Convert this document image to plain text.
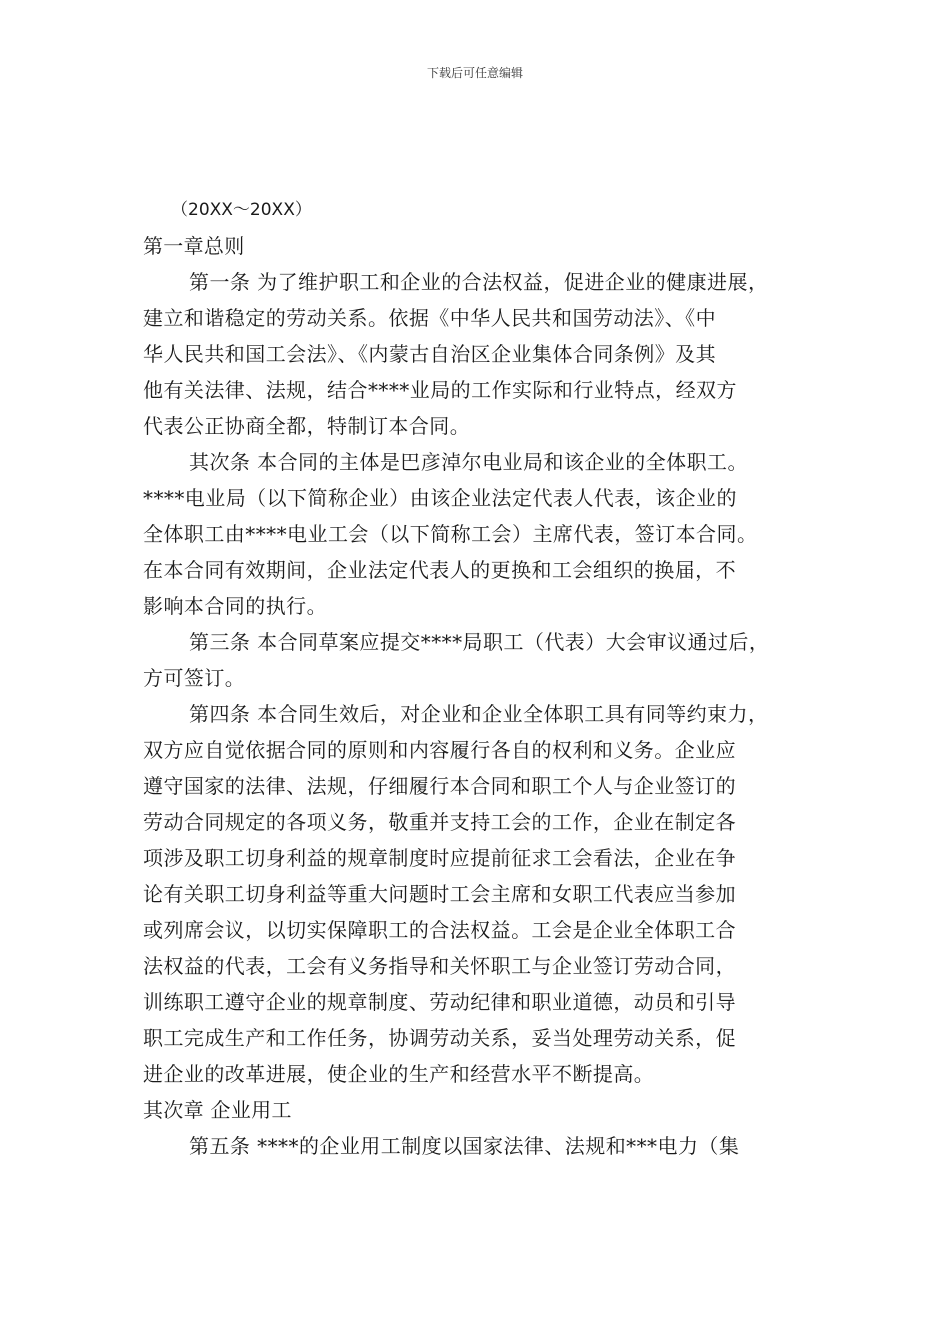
下载后可任意编辑
（20XX～20XX）
第一章总则
第一条 为了维护职工和企业的合法权益，促进企业的健康进展，
建立和谐稳定的劳动关系。依据《中华人民共和国劳动法》、《中
华人民共和国工会法》、《内蒙古自治区企业集体合同条例》及其
他有关法律、法规，结合****业局的工作实际和行业特点，经双方
代表公正协商全都，特制订本合同。
其次条 本合同的主体是巴彦淖尔电业局和该企业的全体职工。
****电业局（以下简称企业）由该企业法定代表人代表，该企业的
全体职工由****电业工会（以下简称工会）主席代表，签订本合同。
在本合同有效期间，企业法定代表人的更换和工会组织的换届，不
影响本合同的执行。
第三条 本合同草案应提交****局职工（代表）大会审议通过后，
方可签订。
第四条 本合同生效后，对企业和企业全体职工具有同等约束力，
双方应自觉依据合同的原则和内容履行各自的权利和义务。企业应
遵守国家的法律、法规，仔细履行本合同和职工个人与企业签订的
劳动合同规定的各项义务，敬重并支持工会的工作，企业在制定各
项涉及职工切身利益的规章制度时应提前征求工会看法，企业在争
论有关职工切身利益等重大问题时工会主席和女职工代表应当参加
或列席会议，以切实保障职工的合法权益。工会是企业全体职工合
法权益的代表，工会有义务指导和关怀职工与企业签订劳动合同，
训练职工遵守企业的规章制度、劳动纪律和职业道德，动员和引导
职工完成生产和工作任务，协调劳动关系，妥当处理劳动关系，促
进企业的改革进展，使企业的生产和经营水平不断提高。
其次章 企业用工
第五条 ****的企业用工制度以国家法律、法规和***电力（集
